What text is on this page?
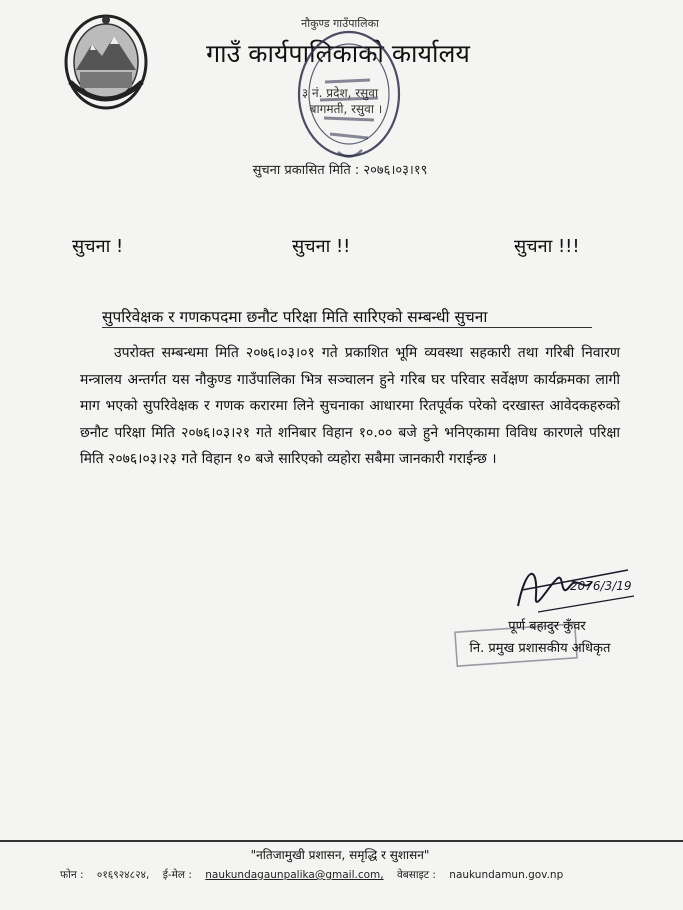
नौकुण्ड गाउँपालिका
गाउँ कार्यपालिकाको कार्यालय
३ नं. प्रदेश, रसुवा
बागमती, रसुवा ।
सुचना प्रकासित मिति : २०७६।०३।१९
सुचना !	सुचना !!	सुचना !!!
सुपरिवेक्षक र गणकपदमा छनौट परिक्षा मिति सारिएको सम्बन्धी सुचना
उपरोक्त सम्बन्धमा मिति २०७६।०३।०१ गते प्रकाशित भूमि व्यवस्था सहकारी तथा गरिबी निवारण मन्त्रालय अन्तर्गत यस नौकुण्ड गाउँपालिका भित्र सञ्चालन हुने गरिब घर परिवार सर्वेक्षण कार्यक्रमका लागी माग भएको सुपरिवेक्षक र गणक करारमा लिने सुचनाका आधारमा रितपूर्वक परेको दरखास्त आवेदकहरुको छनौट परिक्षा मिति २०७६।०३।२१ गते शनिबार विहान १०.०० बजे हुने भनिएकामा विविध कारणले परिक्षा मिति २०७६।०३।२३ गते विहान १० बजे सारिएको व्यहोरा सबैमा जानकारी गराईन्छ ।
2076/3/19
पूर्ण बहादुर कुँवर
नि. प्रमुख प्रशासकीय अधिकृत
"नतिजामुखी प्रशासन, समृद्धि र सुशासन"
फोन : ०१६९२४८२४, ई-मेल : naukundagaunpalika@gmail.com, वेबसाइट : naukundamun.gov.np
